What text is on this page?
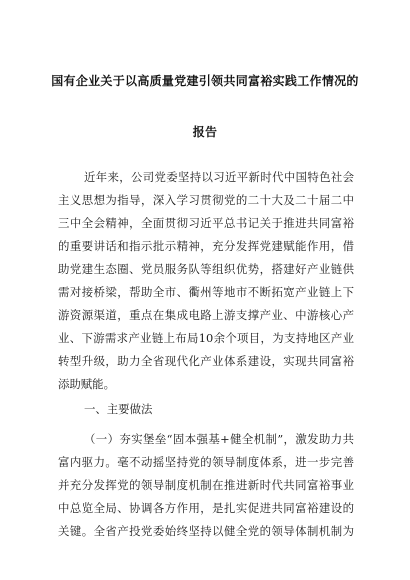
国有企业关于以高质量党建引领共同富裕实践工作情况的
报告
近年来，公司党委坚持以习近平新时代中国特色社会
主义思想为指导，深入学习贯彻党的二十大及二十届二中
三中全会精神，全面贯彻习近平总书记关于推进共同富裕
的重要讲话和指示批示精神，充分发挥党建赋能作用，借
助党建生态圈、党员服务队等组织优势，搭建好产业链供
需对接桥梁，帮助全市、衢州等地市不断拓宽产业链上下
游资源渠道，重点在集成电路上游支撑产业、中游核心产
业、下游需求产业链上布局10余个项目，为支持地区产业
转型升级，助力全省现代化产业体系建设，实现共同富裕
添助赋能。
一、主要做法
（一）夯实堡垒“固本强基+健全机制”，激发助力共
富内驱力。毫不动摇坚持党的领导制度体系，进一步完善
并充分发挥党的领导制度机制在推进新时代共同富裕事业
中总览全局、协调各方作用，是扎实促进共同富裕建设的
关键。全省产投党委始终坚持以健全党的领导体制机制为
